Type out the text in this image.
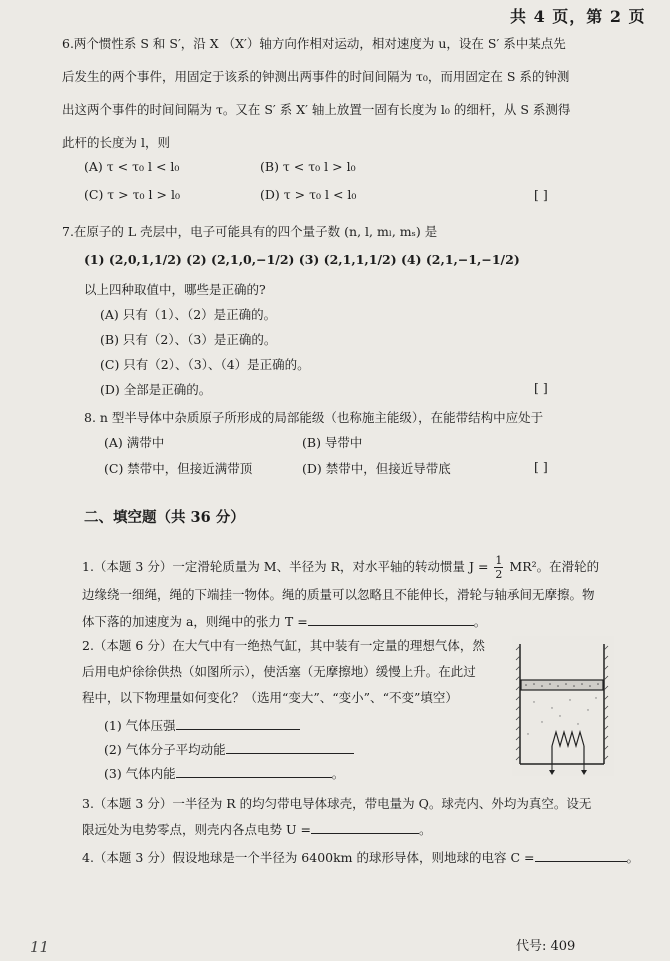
共 4 页，第 2 页
6.两个惯性系 S 和 S′，沿 X （X′）轴方向作相对运动，相对速度为 u，设在 S′ 系中某点先
后发生的两个事件，用固定于该系的钟测出两事件的时间间隔为 τ₀，而用固定在 S 系的钟测
出这两个事件的时间间隔为 τ。又在 S′ 系 X′ 轴上放置一固有长度为 l₀ 的细杆，从 S 系测得
此杆的长度为 l，则
(A) τ < τ₀ l < l₀	(B) τ < τ₀ l > l₀
(C) τ > τ₀ l > l₀	(D) τ > τ₀ l < l₀	[ ]
7.在原子的 L 壳层中，电子可能具有的四个量子数 (n, l, mₗ, mₛ) 是
(1) (2,0,1,1/2) (2) (2,1,0,−1/2) (3) (2,1,1,1/2) (4) (2,1,−1,−1/2)
以上四种取值中，哪些是正确的?
(A) 只有（1）、（2）是正确的。
(B) 只有（2）、（3）是正确的。
(C) 只有（2）、（3）、（4）是正确的。
(D) 全部是正确的。	[ ]
8. n 型半导体中杂质原子所形成的局部能级（也称施主能级），在能带结构中应处于
(A) 满带中	(B) 导带中
(C) 禁带中，但接近满带顶	(D) 禁带中，但接近导带底	[ ]
二、填空题（共 36 分）
1.（本题 3 分）一定滑轮质量为 M、半径为 R，对水平轴的转动惯量 $J = \frac{1}{2} MR^2$。在滑轮的
边缘绕一细绳，绳的下端挂一物体。绳的质量可以忽略且不能伸长，滑轮与轴承间无摩擦。物
体下落的加速度为 a，则绳中的张力 T =	。
2.（本题 6 分）在大气中有一绝热气缸，其中装有一定量的理想气体，然
后用电炉徐徐供热（如图所示），使活塞（无摩擦地）缓慢上升。在此过
程中，以下物理量如何变化？（选用“变大”、“变小”、“不变”填空）
(1) 气体压强
(2) 气体分子平均动能
(3) 气体内能	。
3.（本题 3 分）一半径为 R 的均匀带电导体球壳，带电量为 Q。球壳内、外均为真空。设无
限远处为电势零点，则壳内各点电势 U =	。
4.（本题 3 分）假设地球是一个半径为 6400km 的球形导体，则地球的电容 C =	。
11	代号: 409
